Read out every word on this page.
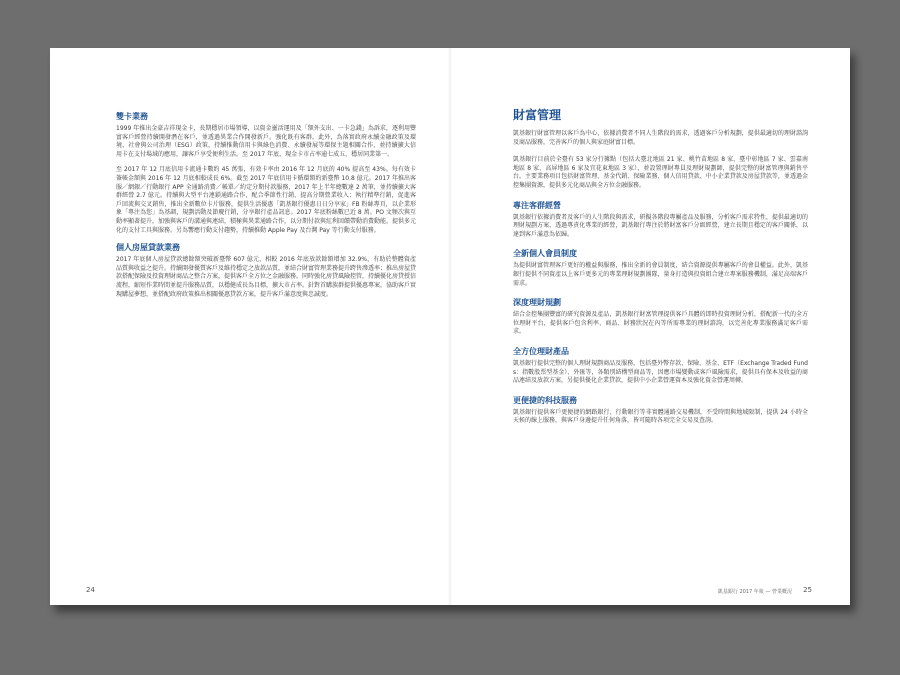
雙卡業務

1999 年推出金豪吉祥現金卡，長期穩居市場領導，以資金靈活運用及「額外支出、一卡急錢」為訴求，逐利用豐富客戶經營持續開發潛在客戶，並透過異業合作開發新戶。強化既有客群，此外，為落實政府永續金融政策及環境、社會與公司治理（ESG）政策，持續推動信用卡與綠色消費、永續發展等環保主題相關合作，並持續擴大信用卡在支付場域的應用，讓客戶享受便利生活。至 2017 年底，現金卡市占率逾七成五，穩居同業第一。

至 2017 年 12 月底信用卡流通卡數約 45 萬張，有效卡率由 2016 年 12 月底的 40% 提高至 43%。每有效卡簽帳金額與 2016 年 12 月底相較成長 6%。截至 2017 年底信用卡循環額約新臺幣 10.8 億元。2017 年推出客服／網銀／行動銀行 APP 全通路消費／帳單／約定分期付款服務，2017 年上半年總數達 2 萬筆，並持續擴大客群經營 2.7 億元。持續與大型平台連鎖通路合作，配合季節性行銷，提高分期營業收入；執行精準行銷，促進客戶回流與交叉銷售，推出全新數位卡片服務，提供生活優惠「凱基銀行優惠日日分享家」FB 粉絲專頁，以企業形象「專注為您」為基調，規劃活動及節慶行銷，分享銀行產品訊息。2017 年底粉絲數已近 8 萬。PO 文頻次與互動率顯著提升，加強與客戶的溝通與連結，積極與異業通路合作，以分期付款與紅利回饋帶動消費動能，提供多元化的支付工具與服務。另為響應行動支付趨勢，持續推動 Apple Pay 及台灣 Pay 等行動支付服務。

個人房屋貸款業務

2017 年底個人房屋貸款總餘額突破新臺幣 607 億元，相較 2016 年底放款餘額增加 32.9%，有助於整體資產品質與收益之提升。持續開發優質客戶及維持穩定之放款品質，並結合財富管理業務提升跨售滲透率；推出房屋貸款搭配保險及投資理財商品之整合方案，提供客戶全方位之金融服務。同時強化房貸風險控管，持續優化房貸授信流程，縮短作業時間並提升服務品質，以穩健成長為目標，擴大市占率。針對首購族群提供優惠專案，協助客戶實現購屋夢想，並搭配政府政策推出相關優惠貸款方案，提升客戶滿意度與忠誠度。

24
財富管理

凱基銀行財富管理以客戶為中心，依據消費者不同人生階段的需求，透過客戶分析規劃，提供最適切的理財諮詢及商品服務，完善客戶的個人與家庭財富目標。

凱基銀行目前於全臺有 53 家分行據點（包括大臺北地區 21 家、桃竹苗地區 8 家、臺中彰地區 7 家、雲嘉南地區 8 家、高屏地區 6 家及宜花東地區 3 家），並設置理財專員及理財規劃師，提供完整的財富管理與銷售平台。主要業務項目包括財富管理、基金代銷、保險業務、個人信用貸款、中小企業貸款及房屋貸款等，並透過金控集團資源，提供多元化商品與全方位金融服務。

專注客群經營

凱基銀行依據消費者及客戶的人生階段與需求，研擬各階段專屬產品及服務，分析客戶需求特性，提供最適切的理財規劃方案，透過專責化專業的經營，凱基銀行專注於將財富客戶分級經營，建立長期且穩定的客戶關係，以達到客戶滿意為依歸。

全新個人會員制度

為提供財富管理客戶更好的權益與服務，推出全新的會員制度，結合資源提供專屬客戶的會員權益。此外，凱基銀行提供不同資產以上客戶更多元的專業理財規劃團隊，量身打造與投資組合建立專案服務機制，滿足高端客戶需求。

深度理財規劃

結合金控集團豐富的研究資源及產品，凱基銀行財富管理提供客戶具體的即時投資理財分析，搭配新一代的全方位理財平台，提供客戶包含利率、商品、財務狀況在內等所需專業的理財諮詢，以完善化專業服務滿足客戶需求。

全方位理財產品

凱基銀行提供完整的個人理財規劃商品及服務，包括臺外幣存款、保險、基金、ETF（Exchange Traded Funds：指數股票型基金）、外匯等，各類別結構型商品等，因應市場變動或客戶風險需求，提供具有保本及收益的商品連結及放款方案，另提供優化企業貸款，提供中小企業營運資本及強化資金營運周轉。

更便捷的科技服務

凱基銀行提供客戶更便捷的網路銀行、行動銀行等非實體通路交易機制，不受時間與地域限制，提供 24 小時全天候的線上服務，與客戶身邊提升任何角落，皆可隨時各項完全交易及查詢。

凱基銀行 2017 年報 — 營業概況 25
